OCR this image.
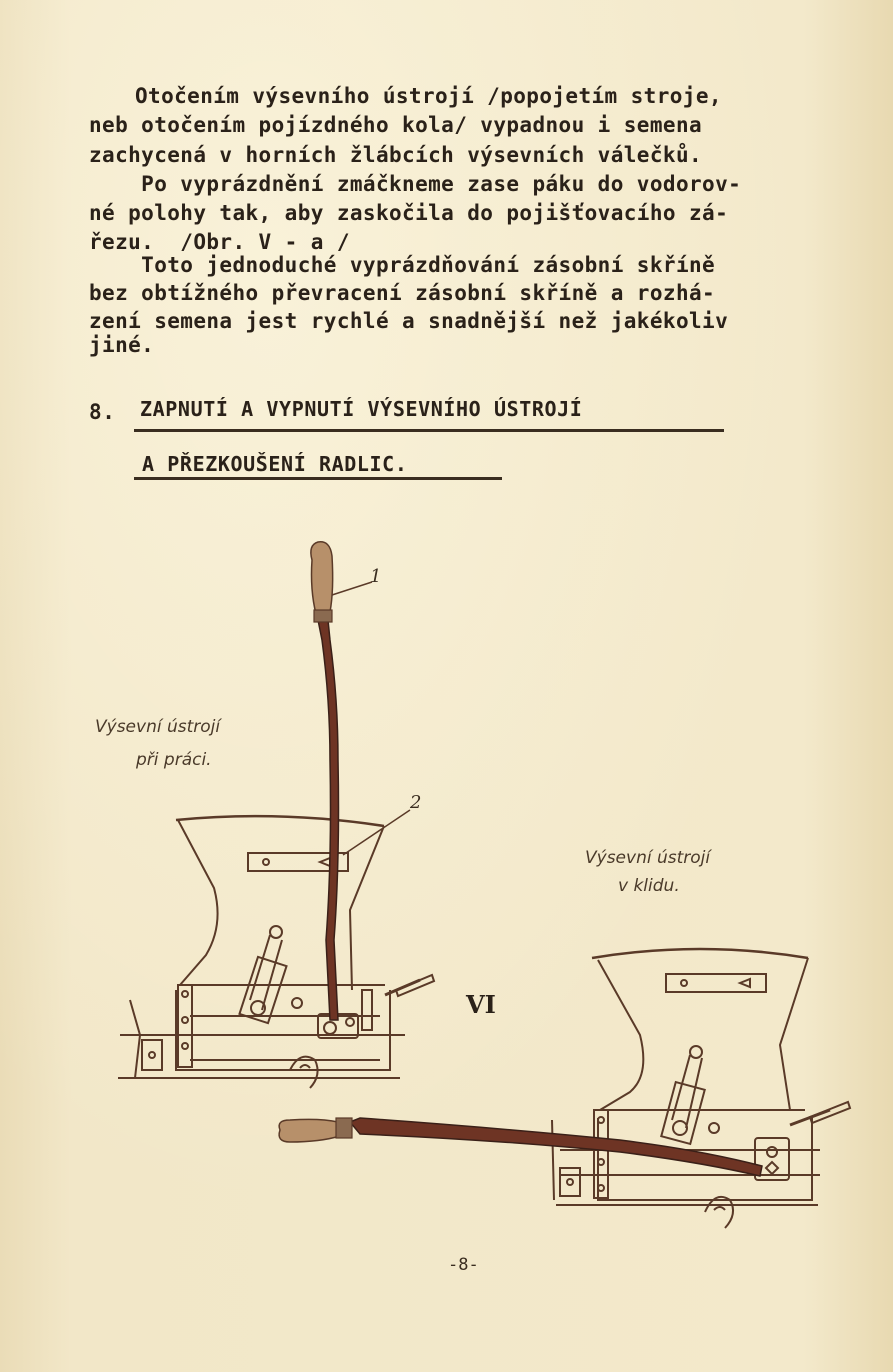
Otočením výsevního ústrojí /popojetím stroje,
neb otočením pojízdného kola/ vypadnou i semena
zachycená v horních žlábcích výsevních válečků.
Po vyprázdnění zmáčkneme zase páku do vodorov-
né polohy tak, aby zaskočila do pojišťovacího zá-
řezu.  /Obr. V - a /
Toto jednoduché vyprázdňování zásobní skříně
bez obtížného převracení zásobní skříně a rozhá-
zení semena jest rychlé a snadnější než jakékoliv
jiné.
8. ZAPNUTÍ A VYPNUTÍ VÝSEVNÍHO ÚSTROJÍ
A PŘEZKOUŠENÍ RADLIC.
1
2
Výsevní ústrojí
při práci.
Výsevní ústrojí
v klidu.
VI
-8-
